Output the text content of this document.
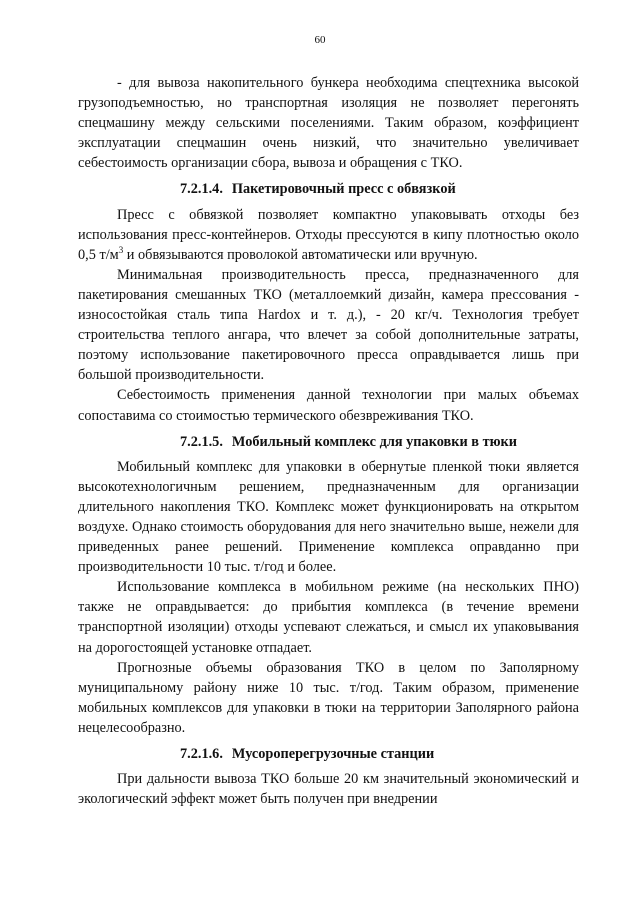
60

- для вывоза накопительного бункера необходима спецтехника высокой грузоподъемностью, но транспортная изоляция не позволяет перегонять спецмашину между сельскими поселениями. Таким образом, коэффициент эксплуатации спецмашин очень низкий, что значительно увеличивает себестоимость организации сбора, вывоза и обращения с ТКО.

7.2.1.4. Пакетировочный пресс с обвязкой

Пресс с обвязкой позволяет компактно упаковывать отходы без использования пресс-контейнеров. Отходы прессуются в кипу плотностью около 0,5 $т/м^3$ и обвязываются проволокой автоматически или вручную.

Минимальная производительность пресса, предназначенного для пакетирования смешанных ТКО (металлоемкий дизайн, камера прессования - износостойкая сталь типа Hardox и т. д.), - 20 кг/ч. Технология требует строительства теплого ангара, что влечет за собой дополнительные затраты, поэтому использование пакетировочного пресса оправдывается лишь при большой производительности.

Себестоимость применения данной технологии при малых объемах сопоставима со стоимостью термического обезвреживания ТКО.

7.2.1.5. Мобильный комплекс для упаковки в тюки

Мобильный комплекс для упаковки в обернутые пленкой тюки является высокотехнологичным решением, предназначенным для организации длительного накопления ТКО. Комплекс может функционировать на открытом воздухе. Однако стоимость оборудования для него значительно выше, нежели для приведенных ранее решений. Применение комплекса оправданно при производительности 10 тыс. т/год и более.

Использование комплекса в мобильном режиме (на нескольких ПНО) также не оправдывается: до прибытия комплекса (в течение времени транспортной изоляции) отходы успевают слежаться, и смысл их упаковывания на дорогостоящей установке отпадает.

Прогнозные объемы образования ТКО в целом по Заполярному муниципальному району ниже 10 тыс. т/год. Таким образом, применение мобильных комплексов для упаковки в тюки на территории Заполярного района нецелесообразно.

7.2.1.6. Мусороперегрузочные станции

При дальности вывоза ТКО больше 20 км значительный экономический и экологический эффект может быть получен при внедрении
